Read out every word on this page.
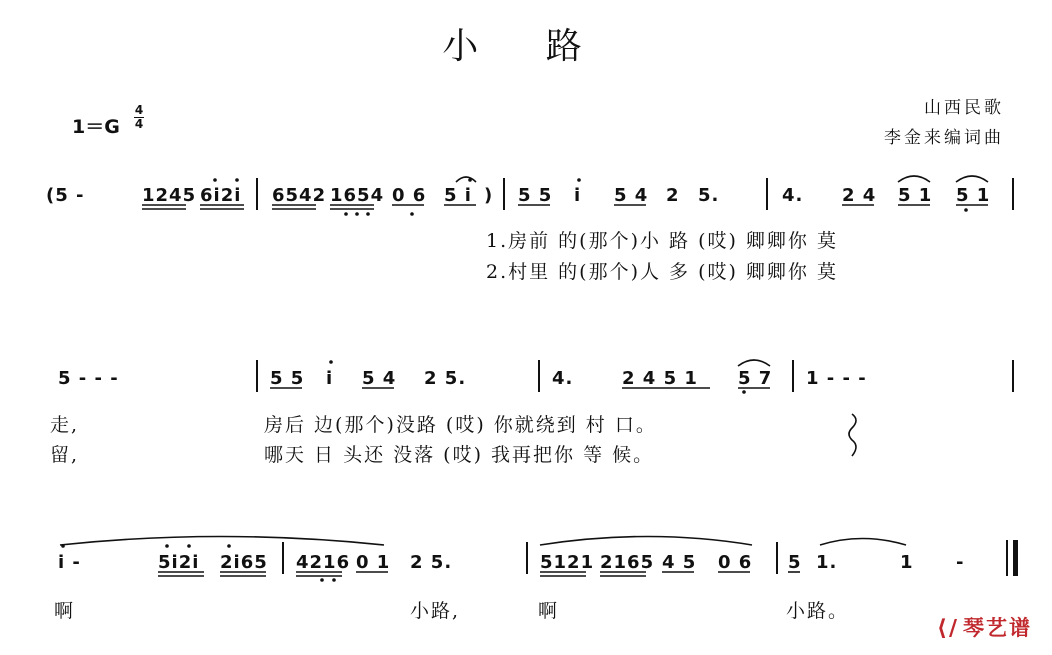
小 路
1＝G
4
4
山西民歌
李金来编词曲
(5 -	1245 6i2i 6542 1654 0 6 5 i ) 5 5 i 5 4 2 5.	4. 2 4 5 1 5 1
1.房前 的(那个)小 路 (哎) 卿卿你 莫
2.村里 的(那个)人 多 (哎) 卿卿你 莫
5 - - -	5 5 i 5 4 2 5.	4.	2 4 5 1 5 7 1 - - -
走,	房后 边(那个)没路 (哎) 你就绕到 村 口。
留,	哪天 日 头还 没落 (哎) 我再把你 等 候。
i -	5i2i 2i65 4216 0 1 2 5.	5121 2165 4 5 0 6 5 1.	1 -
啊	小路,	啊	小路。
⟨∕ 琴艺谱
